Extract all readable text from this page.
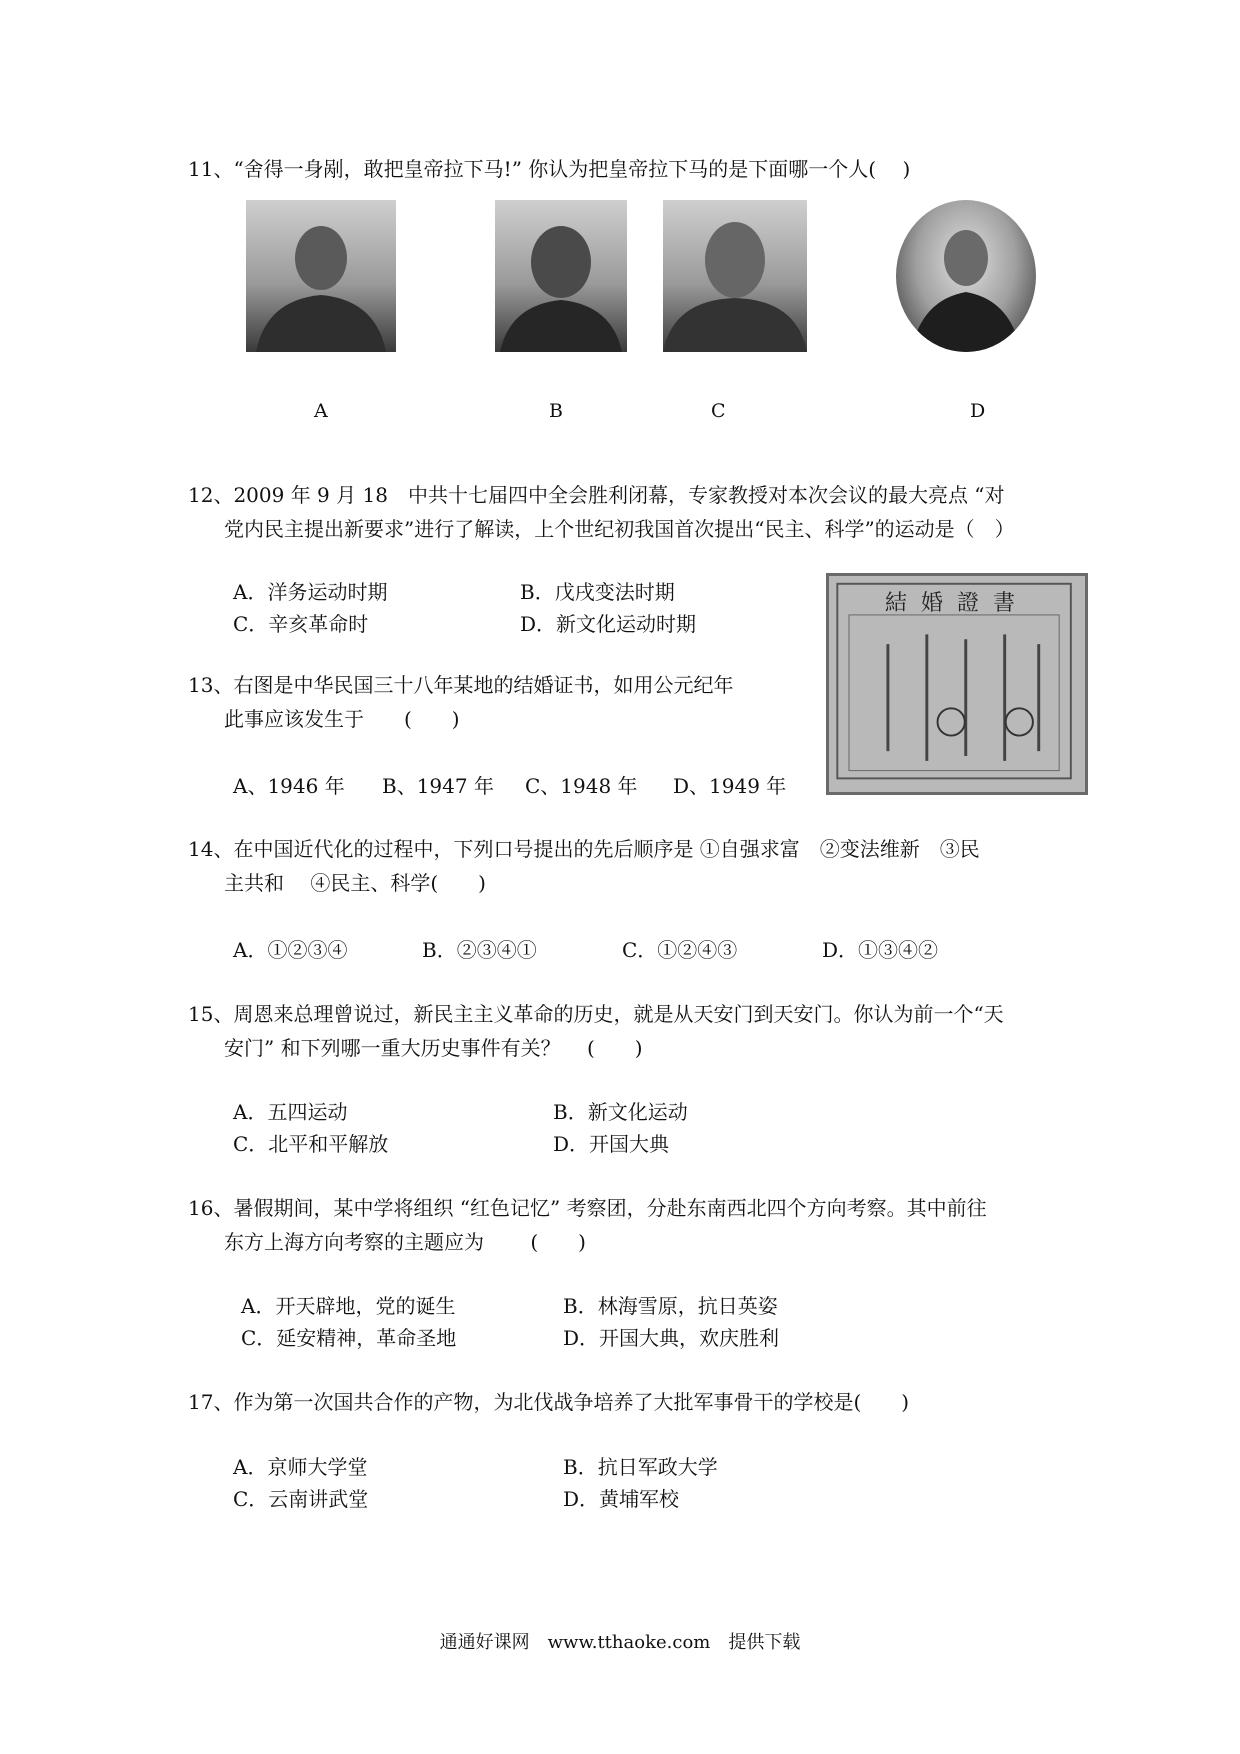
11、“舍得一身剐，敢把皇帝拉下马!” 你认为把皇帝拉下马的是下面哪一个人(　 )
A	B	C	D
12、2009 年 9 月 18　中共十七届四中全会胜利闭幕，专家教授对本次会议的最大亮点 “对
党内民主提出新要求”进行了解读，上个世纪初我国首次提出“民主、科学”的运动是（　）
A．洋务运动时期	B．戊戌变法时期
C．辛亥革命时	D．新文化运动时期
結婚證書
13、右图是中华民国三十八年某地的结婚证书，如用公元纪年
此事应该发生于　　(　　)
A、1946 年 B、1947 年 C、1948 年 D、1949 年
14、在中国近代化的过程中，下列口号提出的先后顺序是 ①自强求富　②变法维新　③民
主共和　 ④民主、科学(　　)
A．①②③④	B．②③④①	C．①②④③	D．①③④②
15、周恩来总理曾说过，新民主主义革命的历史，就是从天安门到天安门。你认为前一个“天
安门” 和下列哪一重大历史事件有关？　 (　　)
A．五四运动	B．新文化运动
C．北平和平解放	D．开国大典
16、暑假期间，某中学将组织 “红色记忆” 考察团，分赴东南西北四个方向考察。其中前往
东方上海方向考察的主题应为　　 (　　)
A．开天辟地，党的诞生	B．林海雪原，抗日英姿
C．延安精神，革命圣地	D．开国大典，欢庆胜利
17、作为第一次国共合作的产物，为北伐战争培养了大批军事骨干的学校是(　　)
A．京师大学堂	B．抗日军政大学
C．云南讲武堂	D．黄埔军校
通通好课网　www.tthaoke.com　提供下载
